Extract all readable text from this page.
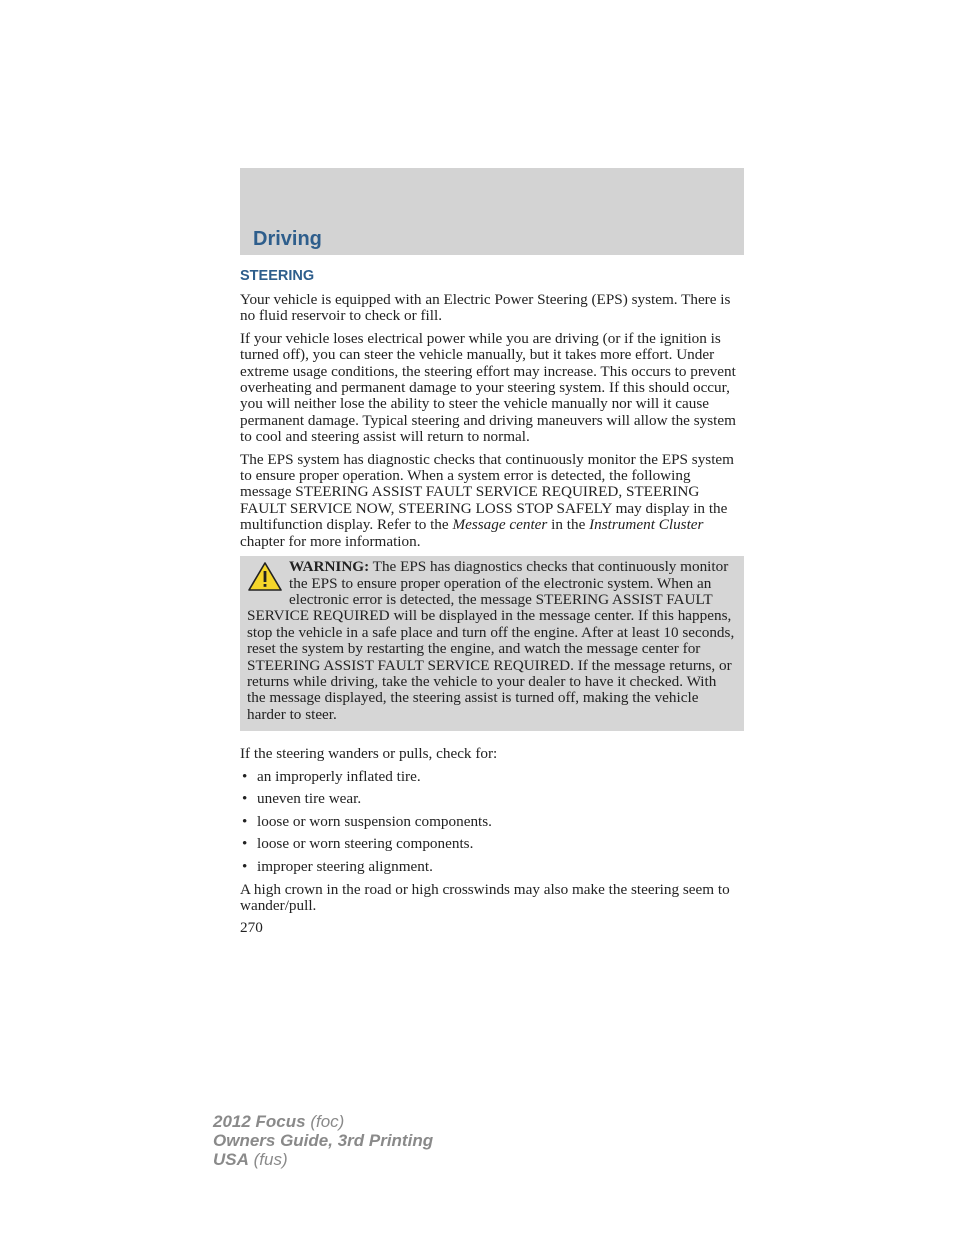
Driving
STEERING

Your vehicle is equipped with an Electric Power Steering (EPS) system. There is no fluid reservoir to check or fill.

If your vehicle loses electrical power while you are driving (or if the ignition is turned off), you can steer the vehicle manually, but it takes more effort. Under extreme usage conditions, the steering effort may increase. This occurs to prevent overheating and permanent damage to your steering system. If this should occur, you will neither lose the ability to steer the vehicle manually nor will it cause permanent damage. Typical steering and driving maneuvers will allow the system to cool and steering assist will return to normal.

The EPS system has diagnostic checks that continuously monitor the EPS system to ensure proper operation. When a system error is detected, the following message STEERING ASSIST FAULT SERVICE REQUIRED, STEERING FAULT SERVICE NOW, STEERING LOSS STOP SAFELY may display in the multifunction display. Refer to the Message center in the Instrument Cluster chapter for more information.

WARNING: The EPS has diagnostics checks that continuously monitor the EPS to ensure proper operation of the electronic system. When an electronic error is detected, the message STEERING ASSIST FAULT SERVICE REQUIRED will be displayed in the message center. If this happens, stop the vehicle in a safe place and turn off the engine. After at least 10 seconds, reset the system by restarting the engine, and watch the message center for STEERING ASSIST FAULT SERVICE REQUIRED. If the message returns, or returns while driving, take the vehicle to your dealer to have it checked. With the message displayed, the steering assist is turned off, making the vehicle harder to steer.

If the steering wanders or pulls, check for:

• an improperly inflated tire.
• uneven tire wear.
• loose or worn suspension components.
• loose or worn steering components.
• improper steering alignment.

A high crown in the road or high crosswinds may also make the steering seem to wander/pull.

270
2012 Focus (foc)
Owners Guide, 3rd Printing
USA (fus)
